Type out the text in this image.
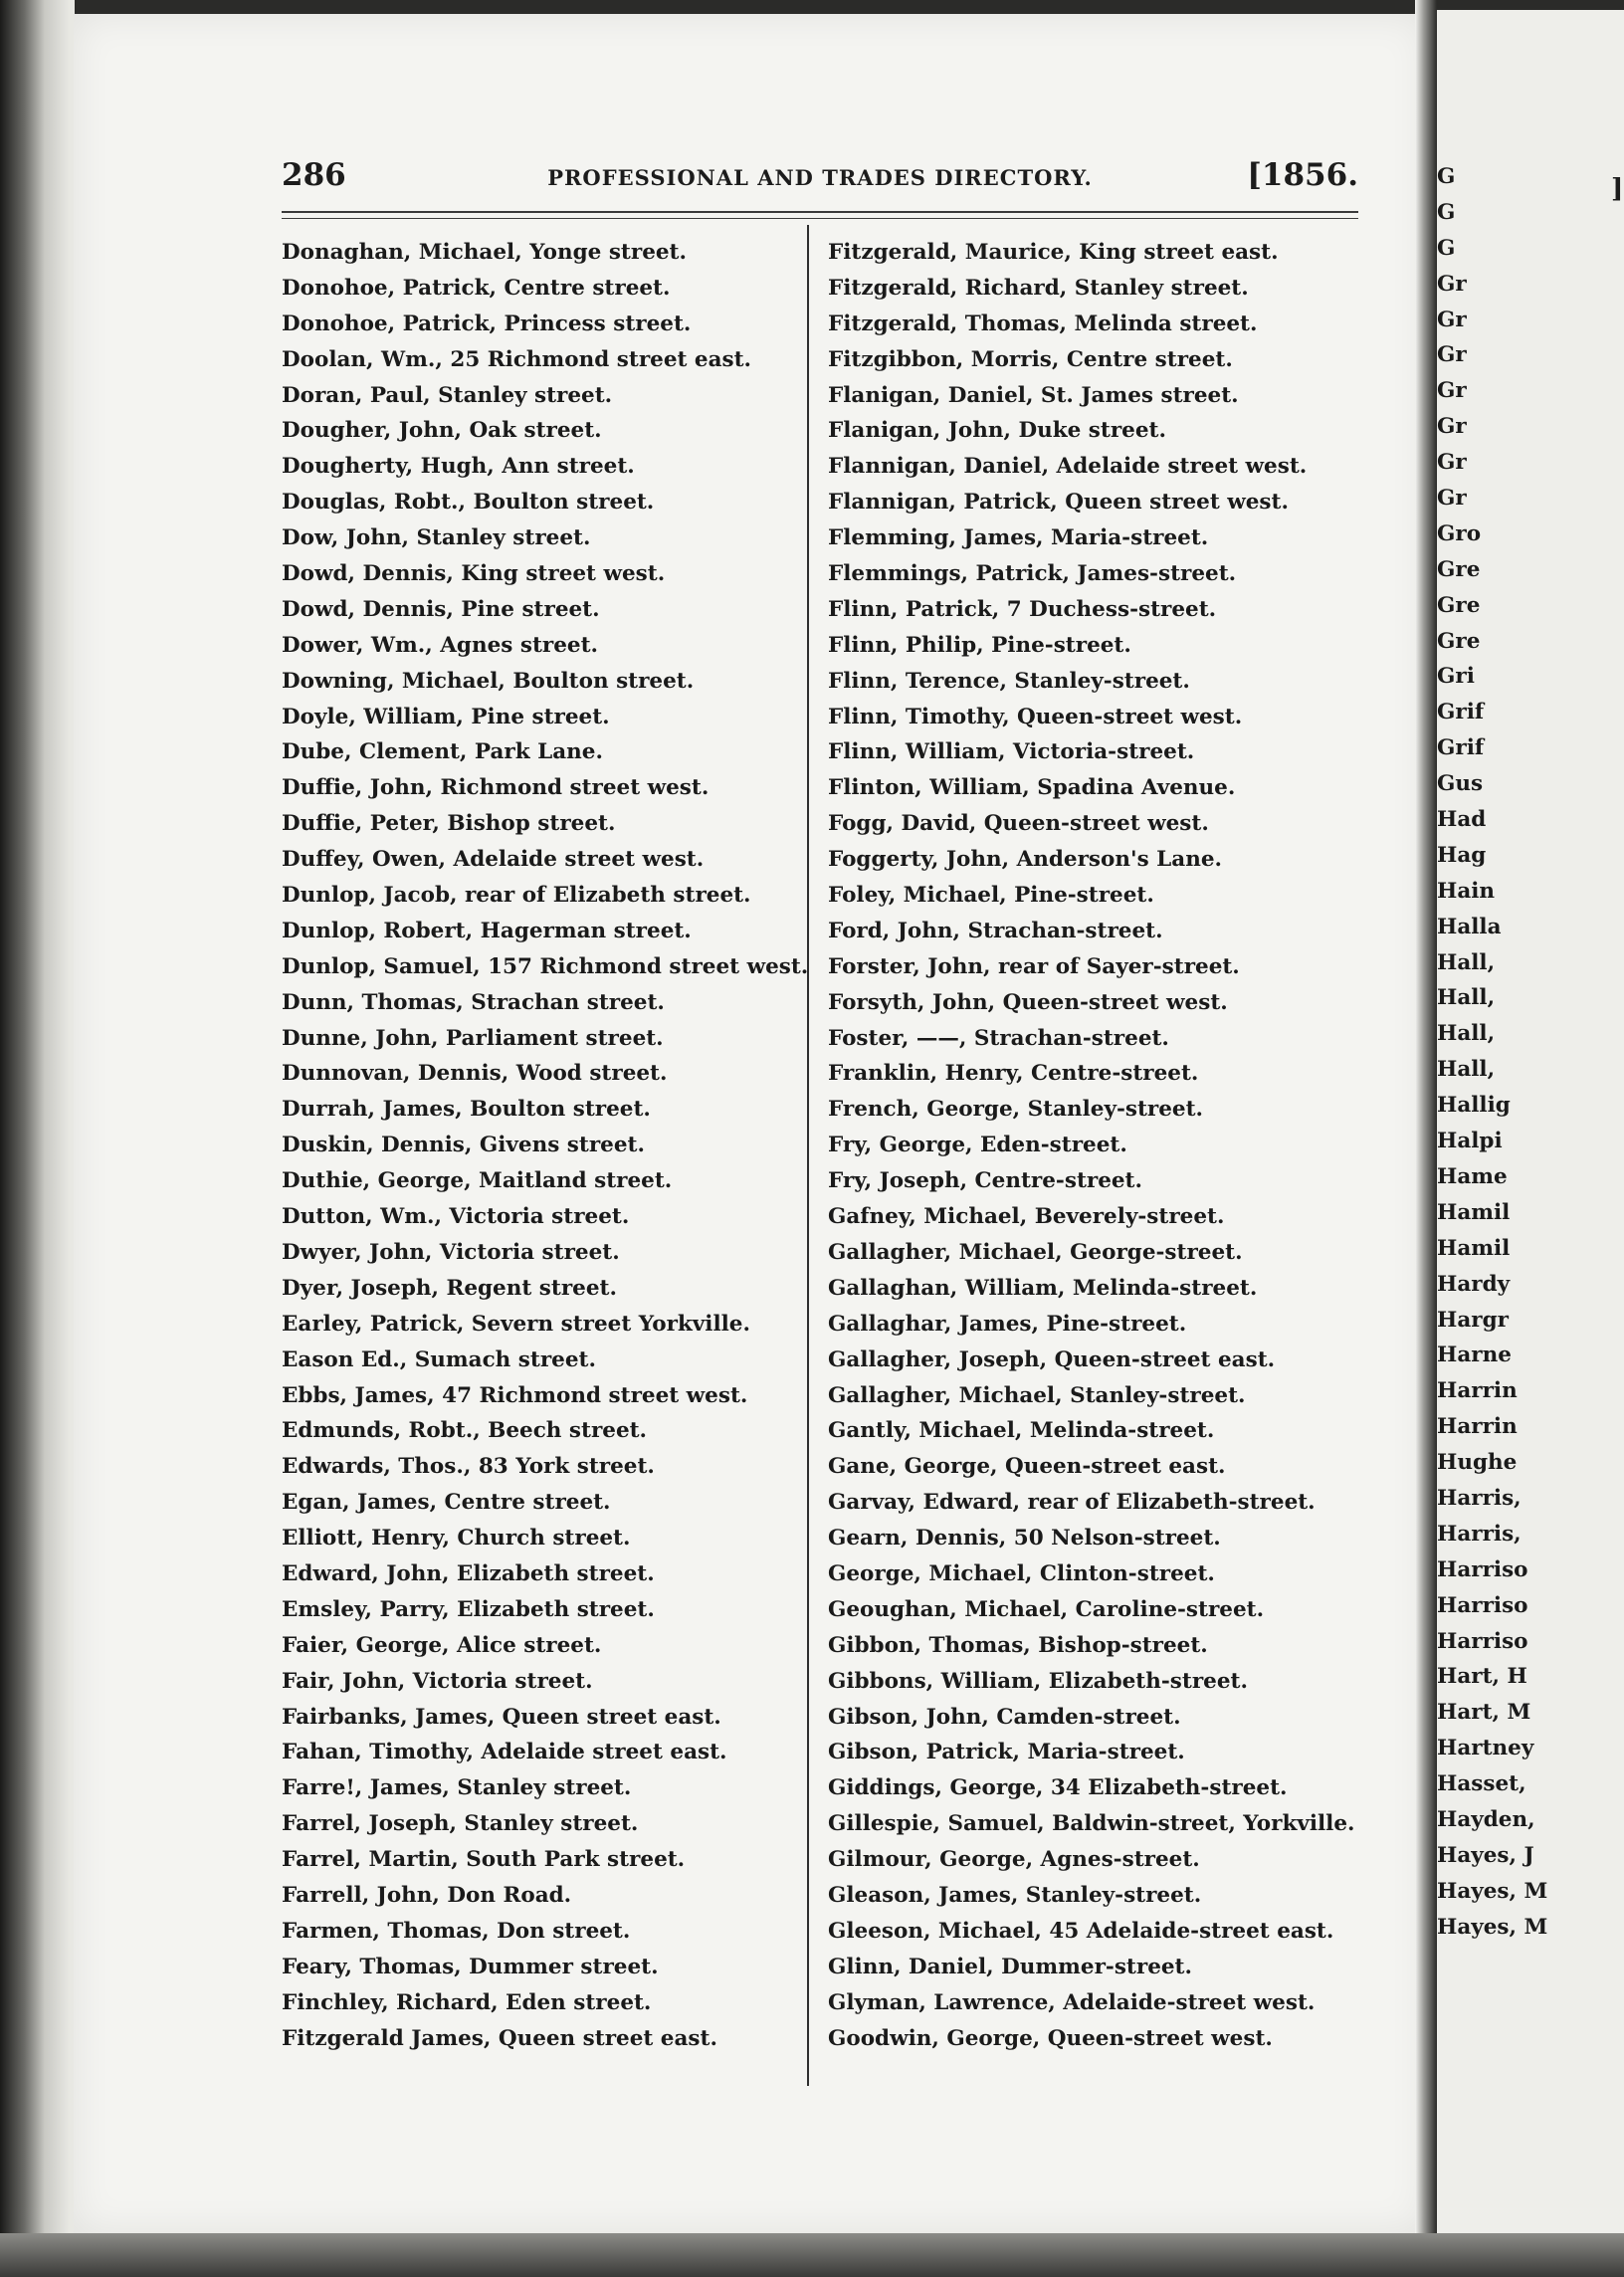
286	PROFESSIONAL AND TRADES DIRECTORY.	[1856.
Donaghan, Michael, Yonge street.
Donohoe, Patrick, Centre street.
Donohoe, Patrick, Princess street.
Doolan, Wm., 25 Richmond street east.
Doran, Paul, Stanley street.
Dougher, John, Oak street.
Dougherty, Hugh, Ann street.
Douglas, Robt., Boulton street.
Dow, John, Stanley street.
Dowd, Dennis, King street west.
Dowd, Dennis, Pine street.
Dower, Wm., Agnes street.
Downing, Michael, Boulton street.
Doyle, William, Pine street.
Dube, Clement, Park Lane.
Duffie, John, Richmond street west.
Duffie, Peter, Bishop street.
Duffey, Owen, Adelaide street west.
Dunlop, Jacob, rear of Elizabeth street.
Dunlop, Robert, Hagerman street.
Dunlop, Samuel, 157 Richmond street west.
Dunn, Thomas, Strachan street.
Dunne, John, Parliament street.
Dunnovan, Dennis, Wood street.
Durrah, James, Boulton street.
Duskin, Dennis, Givens street.
Duthie, George, Maitland street.
Dutton, Wm., Victoria street.
Dwyer, John, Victoria street.
Dyer, Joseph, Regent street.
Earley, Patrick, Severn street Yorkville.
Eason Ed., Sumach street.
Ebbs, James, 47 Richmond street west.
Edmunds, Robt., Beech street.
Edwards, Thos., 83 York street.
Egan, James, Centre street.
Elliott, Henry, Church street.
Edward, John, Elizabeth street.
Emsley, Parry, Elizabeth street.
Faier, George, Alice street.
Fair, John, Victoria street.
Fairbanks, James, Queen street east.
Fahan, Timothy, Adelaide street east.
Farre!, James, Stanley street.
Farrel, Joseph, Stanley street.
Farrel, Martin, South Park street.
Farrell, John, Don Road.
Farmen, Thomas, Don street.
Feary, Thomas, Dummer street.
Finchley, Richard, Eden street.
Fitzgerald James, Queen street east.
Fitzgerald, Maurice, King street east.
Fitzgerald, Richard, Stanley street.
Fitzgerald, Thomas, Melinda street.
Fitzgibbon, Morris, Centre street.
Flanigan, Daniel, St. James street.
Flanigan, John, Duke street.
Flannigan, Daniel, Adelaide street west.
Flannigan, Patrick, Queen street west.
Flemming, James, Maria-street.
Flemmings, Patrick, James-street.
Flinn, Patrick, 7 Duchess-street.
Flinn, Philip, Pine-street.
Flinn, Terence, Stanley-street.
Flinn, Timothy, Queen-street west.
Flinn, William, Victoria-street.
Flinton, William, Spadina Avenue.
Fogg, David, Queen-street west.
Foggerty, John, Anderson's Lane.
Foley, Michael, Pine-street.
Ford, John, Strachan-street.
Forster, John, rear of Sayer-street.
Forsyth, John, Queen-street west.
Foster, ——, Strachan-street.
Franklin, Henry, Centre-street.
French, George, Stanley-street.
Fry, George, Eden-street.
Fry, Joseph, Centre-street.
Gafney, Michael, Beverely-street.
Gallagher, Michael, George-street.
Gallaghan, William, Melinda-street.
Gallaghar, James, Pine-street.
Gallagher, Joseph, Queen-street east.
Gallagher, Michael, Stanley-street.
Gantly, Michael, Melinda-street.
Gane, George, Queen-street east.
Garvay, Edward, rear of Elizabeth-street.
Gearn, Dennis, 50 Nelson-street.
George, Michael, Clinton-street.
Geoughan, Michael, Caroline-street.
Gibbon, Thomas, Bishop-street.
Gibbons, William, Elizabeth-street.
Gibson, John, Camden-street.
Gibson, Patrick, Maria-street.
Giddings, George, 34 Elizabeth-street.
Gillespie, Samuel, Baldwin-street, Yorkville.
Gilmour, George, Agnes-street.
Gleason, James, Stanley-street.
Gleeson, Michael, 45 Adelaide-street east.
Glinn, Daniel, Dummer-street.
Glyman, Lawrence, Adelaide-street west.
Goodwin, George, Queen-street west.
]
G
G
G
Gr
Gr
Gr
Gr
Gr
Gr
Gr
Gro
Gre
Gre
Gre
Gri
Grif
Grif
Gus
Had
Hag
Hain
Halla
Hall,
Hall,
Hall,
Hall,
Hallig
Halpi
Hame
Hamil
Hamil
Hardy
Hargr
Harne
Harrin
Harrin
Hughe
Harris,
Harris,
Harriso
Harriso
Harriso
Hart, H
Hart, M
Hartney
Hasset,
Hayden,
Hayes, J
Hayes, M
Hayes, M
